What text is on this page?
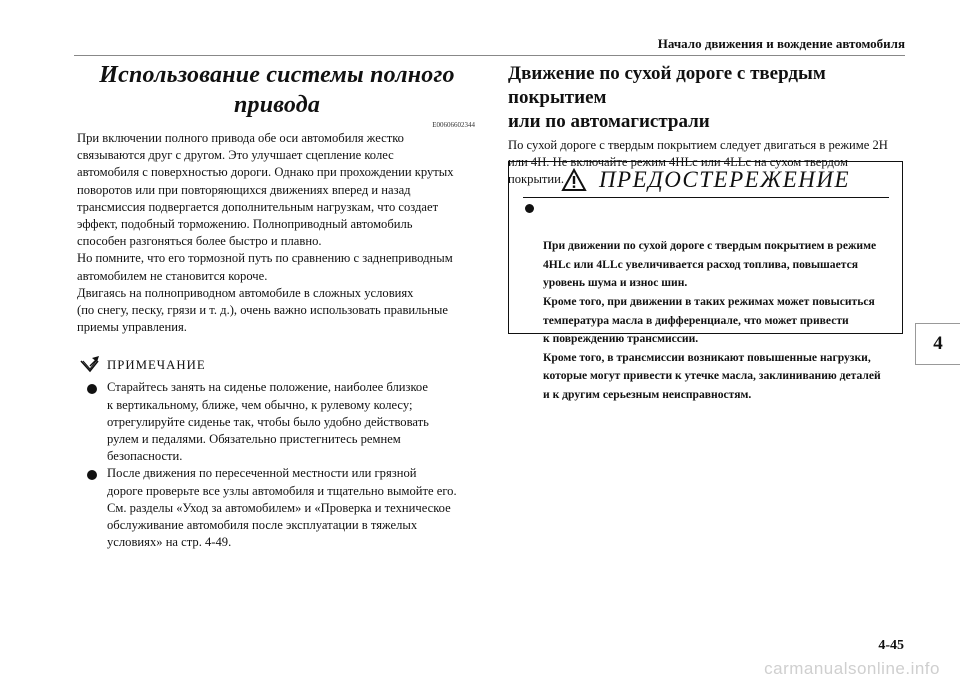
Начало движения и вождение автомобиля
Использование системы полного привода
E00606602344

При включении полного привода обе оси автомобиля жестко
связываются друг с другом. Это улучшает сцепление колес
автомобиля с поверхностью дороги. Однако при прохождении крутых
поворотов или при повторяющихся движениях вперед и назад
трансмиссия подвергается дополнительным нагрузкам, что создает
эффект, подобный торможению. Полноприводный автомобиль
способен разгоняться более быстро и плавно.

Но помните, что его тормозной путь по сравнению с заднеприводным
автомобилем не становится короче.

Двигаясь на полноприводном автомобиле в сложных условиях
(по снегу, песку, грязи и т. д.), очень важно использовать правильные
приемы управления.

ПРИМЕЧАНИЕ
Старайтесь занять на сиденье положение, наиболее близкое
к вертикальному, ближе, чем обычно, к рулевому колесу;
отрегулируйте сиденье так, чтобы было удобно действовать
рулем и педалями. Обязательно пристегнитесь ремнем
безопасности.
После движения по пересеченной местности или грязной
дороге проверьте все узлы автомобиля и тщательно вымойте его.
См. разделы «Уход за автомобилем» и «Проверка и техническое
обслуживание автомобиля после эксплуатации в тяжелых
условиях» на стр. 4-49.
Движение по сухой дороге с твердым покрытием
или по автомагистрали
По сухой дороге с твердым покрытием следует двигаться в режиме 2H
или 4H. Не включайте режим 4HLc или 4LLc на сухом твердом
покрытии.	ПРЕДОСТЕРЕЖЕНИЕ

При движении по сухой дороге с твердым покрытием в режиме
4HLc или 4LLc увеличивается расход топлива, повышается
уровень шума и износ шин.
Кроме того, при движении в таких режимах может повыситься
температура масла в дифференциале, что может привести
к повреждению трансмиссии.
Кроме того, в трансмиссии возникают повышенные нагрузки,
которые могут привести к утечке масла, заклиниванию деталей
и к другим серьезным неисправностям.

4
4-45
carmanualsonline.info
